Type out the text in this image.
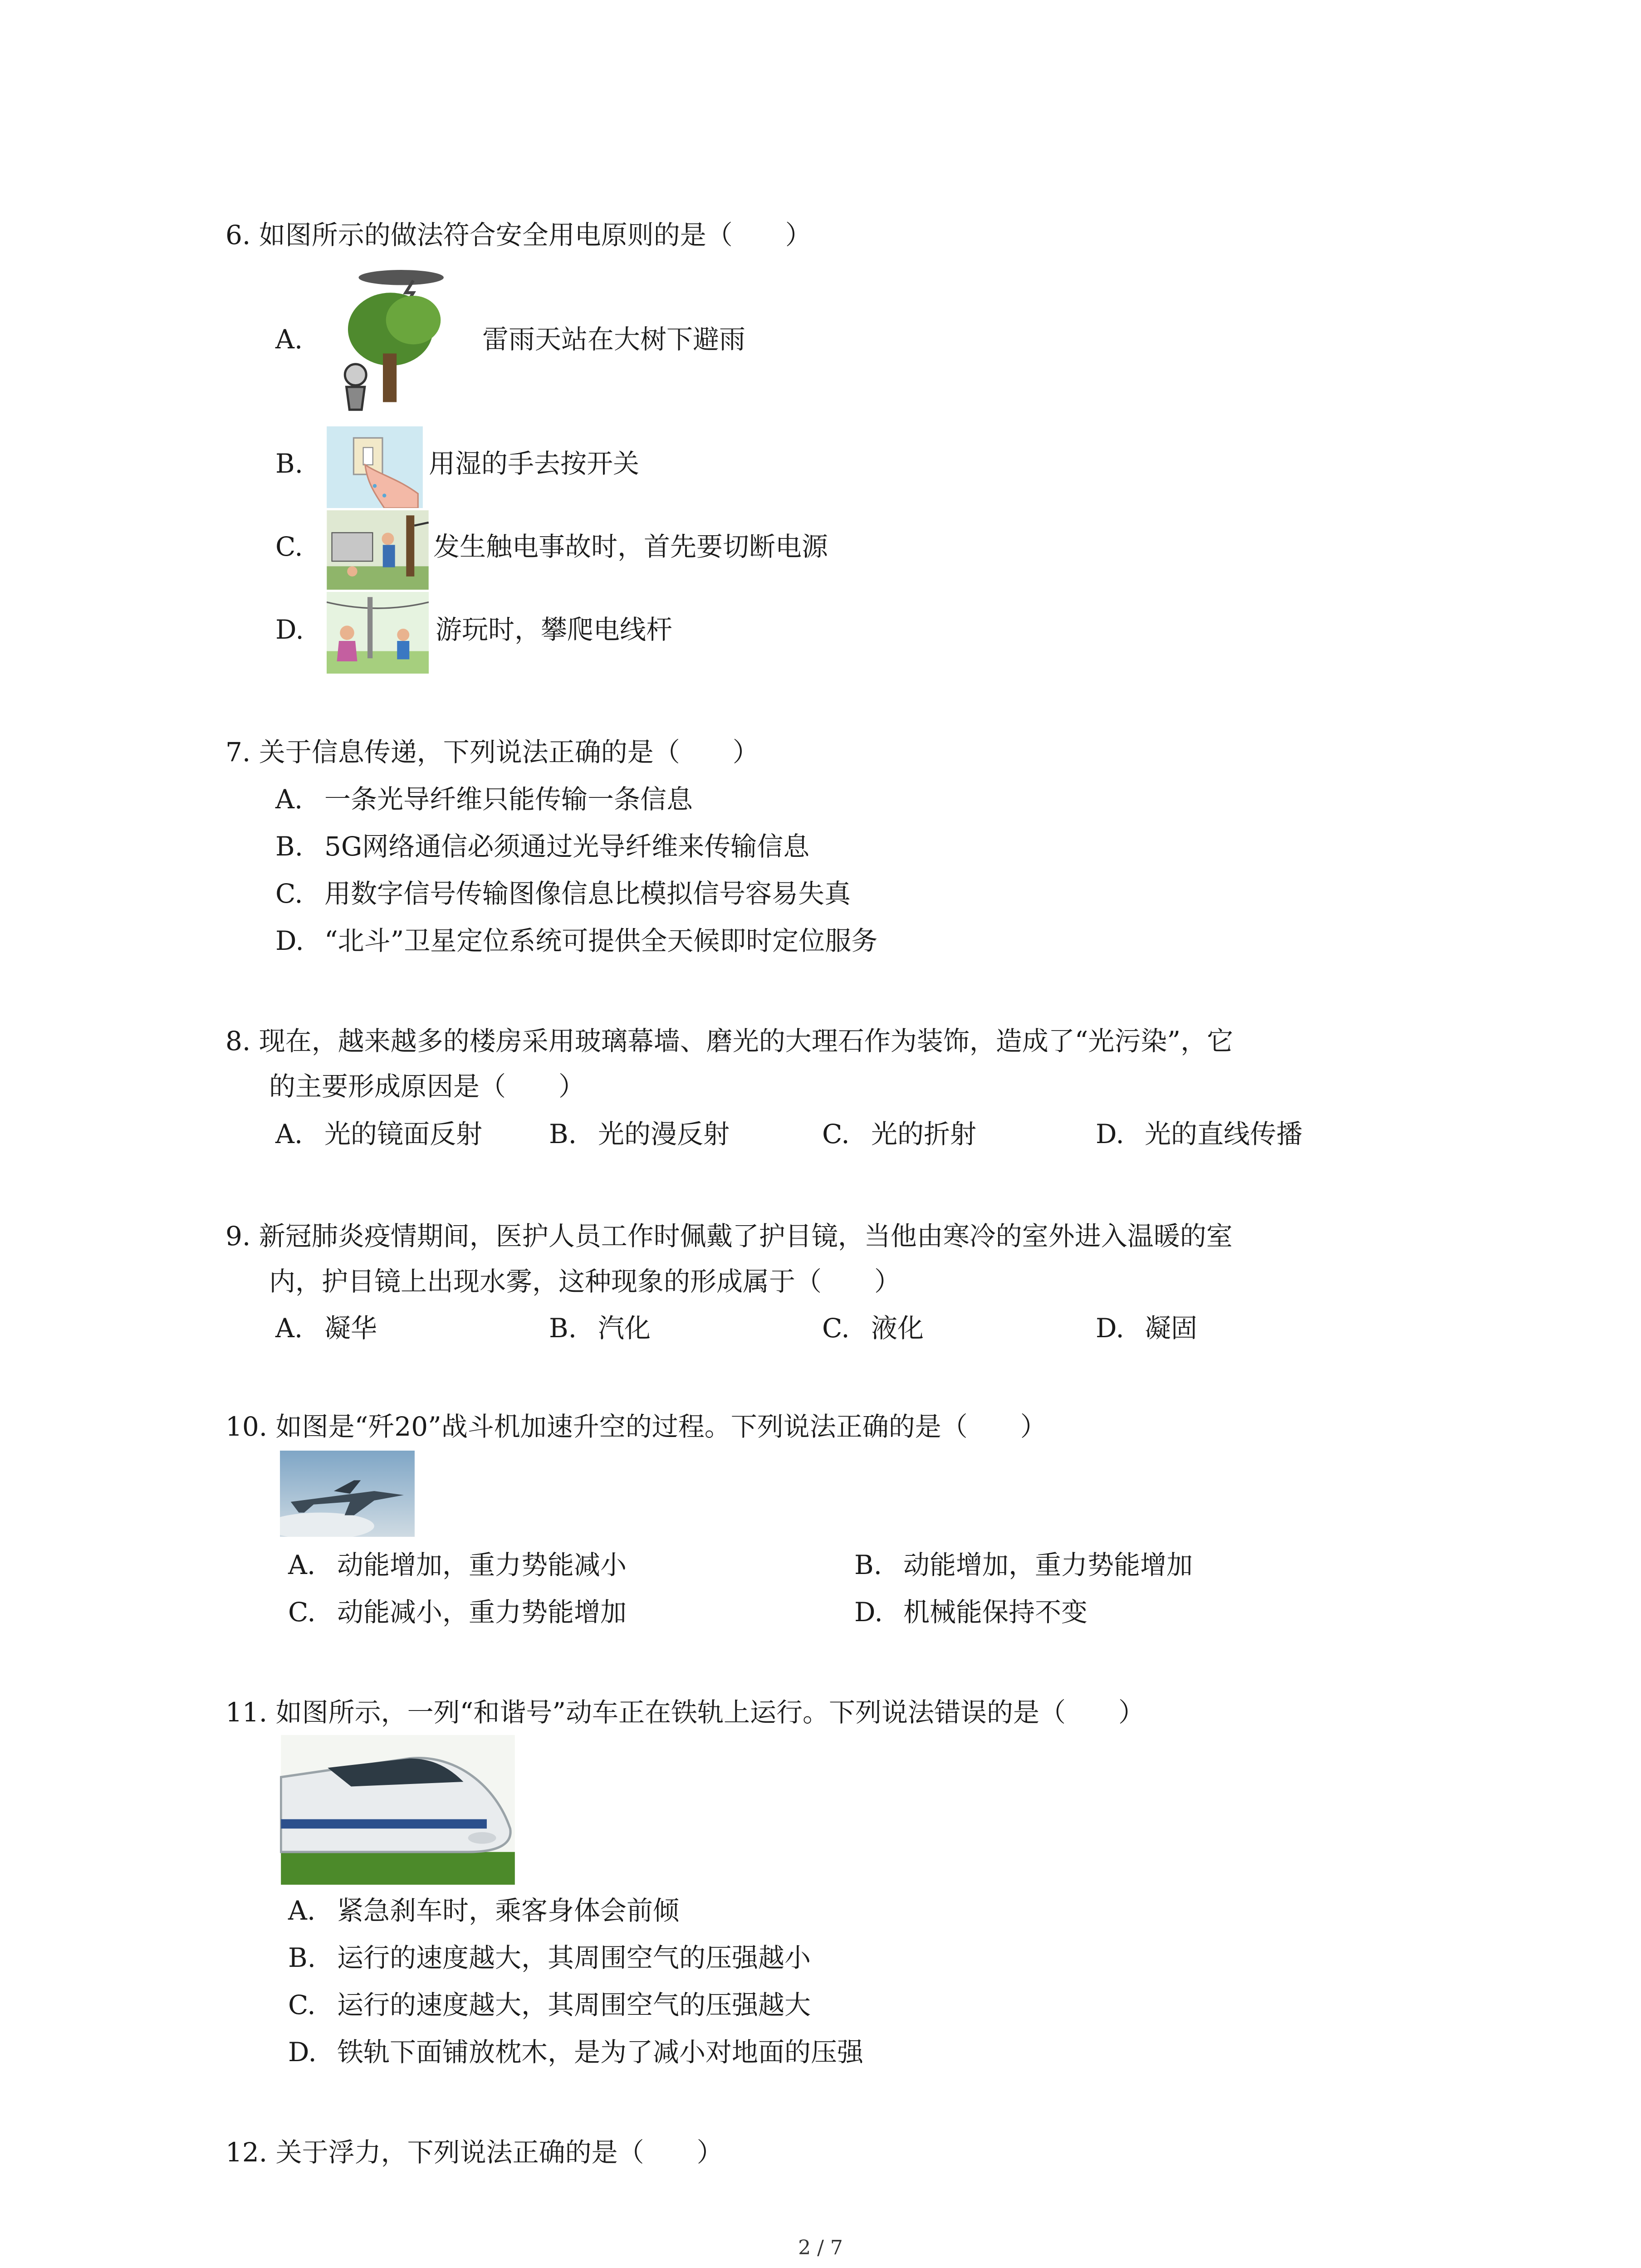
6. 如图所示的做法符合安全用电原则的是（　　）
A.	雷雨天站在大树下避雨
B.	用湿的手去按开关
C.	发生触电事故时，首先要切断电源
D.	游玩时，攀爬电线杆
7. 关于信息传递，下列说法正确的是（　　）
A. 一条光导纤维只能传输一条信息
B. 5G网络通信必须通过光导纤维来传输信息
C. 用数字信号传输图像信息比模拟信号容易失真
D. “北斗”卫星定位系统可提供全天候即时定位服务
8. 现在，越来越多的楼房采用玻璃幕墙、磨光的大理石作为装饰，造成了“光污染”，它
的主要形成原因是（　　）
A. 光的镜面反射	B. 光的漫反射	C. 光的折射	D. 光的直线传播
9. 新冠肺炎疫情期间，医护人员工作时佩戴了护目镜，当他由寒冷的室外进入温暖的室
内，护目镜上出现水雾，这种现象的形成属于（　　）
A. 凝华	B. 汽化	C. 液化	D. 凝固
10. 如图是“歼20”战斗机加速升空的过程。下列说法正确的是（　　）
A. 动能增加，重力势能减小	B. 动能增加，重力势能增加
C. 动能减小，重力势能增加	D. 机械能保持不变
11. 如图所示，一列“和谐号”动车正在铁轨上运行。下列说法错误的是（　　）
A. 紧急刹车时，乘客身体会前倾
B. 运行的速度越大，其周围空气的压强越小
C. 运行的速度越大，其周围空气的压强越大
D. 铁轨下面铺放枕木，是为了减小对地面的压强
12. 关于浮力，下列说法正确的是（　　）
2 / 7
